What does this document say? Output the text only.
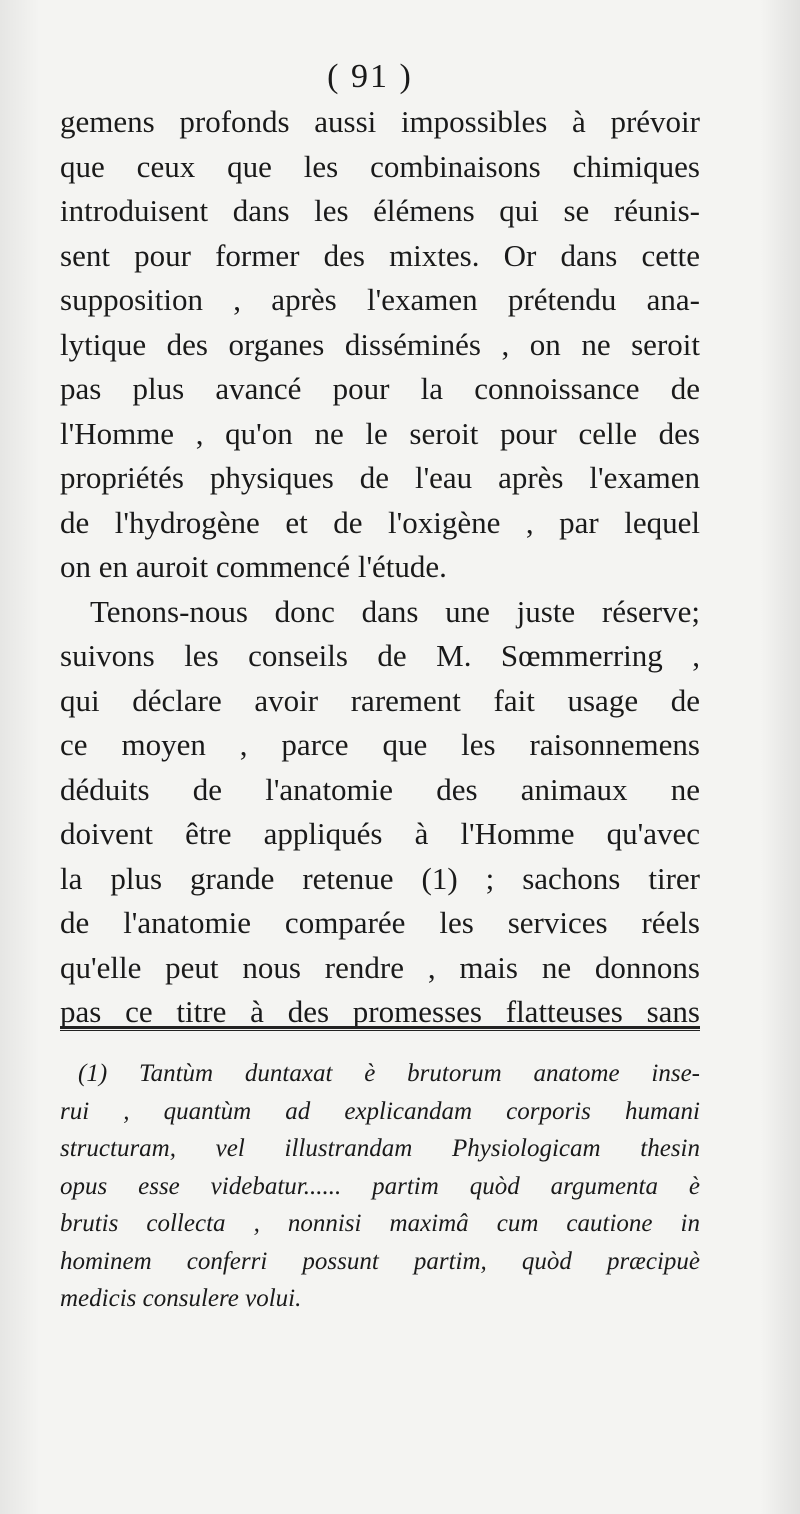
( 91 )
gemens profonds aussi impossibles à prévoir
que ceux que les combinaisons chimiques
introduisent dans les élémens qui se réunis-
sent pour former des mixtes. Or dans cette
supposition , après l'examen prétendu ana-
lytique des organes disséminés , on ne seroit
pas plus avancé pour la connoissance de
l'Homme , qu'on ne le seroit pour celle des
propriétés physiques de l'eau après l'examen
de l'hydrogène et de l'oxigène , par lequel
on en auroit commencé l'étude.
Tenons-nous donc dans une juste réserve;
suivons les conseils de M. Sœmmerring ,
qui déclare avoir rarement fait usage de
ce moyen , parce que les raisonnemens
déduits de l'anatomie des animaux ne
doivent être appliqués à l'Homme qu'avec
la plus grande retenue (1) ; sachons tirer
de l'anatomie comparée les services réels
qu'elle peut nous rendre , mais ne donnons
pas ce titre à des promesses flatteuses sans
(1) Tantùm duntaxat è brutorum anatome inse-
rui , quantùm ad explicandam corporis humani
structuram, vel illustrandam Physiologicam thesin
opus esse videbatur...... partim quòd argumenta è
brutis collecta , nonnisi maximâ cum cautione in
hominem conferri possunt partim, quòd præcipuè
medicis consulere volui.
